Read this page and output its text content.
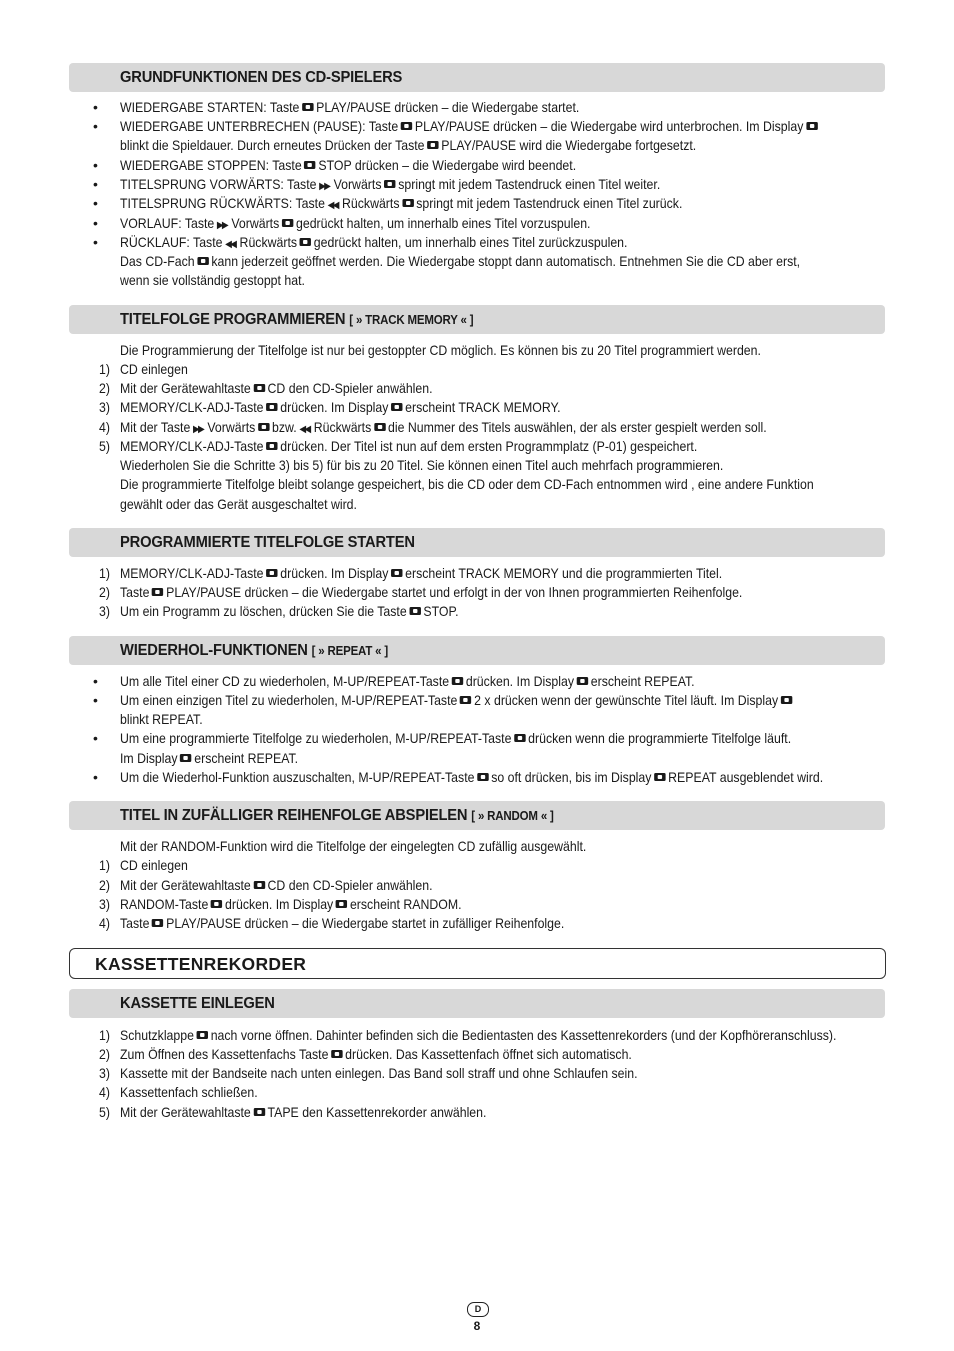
GRUNDFUNKTIONEN DES CD-SPIELERS
• WIEDERGABE STARTEN: Taste PLAY/PAUSE drücken – die Wiedergabe startet.
• WIEDERGABE UNTERBRECHEN (PAUSE): Taste PLAY/PAUSE drücken – die Wiedergabe wird unterbrochen. Im Display
blinkt die Spieldauer. Durch erneutes Drücken der Taste PLAY/PAUSE wird die Wiedergabe fortgesetzt.
• WIEDERGABE STOPPEN: Taste STOP drücken – die Wiedergabe wird beendet.
• TITELSPRUNG VORWÄRTS: Taste ▶▶ Vorwärts springt mit jedem Tastendruck einen Titel weiter.
• TITELSPRUNG RÜCKWÄRTS: Taste ◀◀ Rückwärts springt mit jedem Tastendruck einen Titel zurück.
• VORLAUF: Taste ▶▶ Vorwärts gedrückt halten, um innerhalb eines Titel vorzuspulen.
• RÜCKLAUF: Taste ◀◀ Rückwärts gedrückt halten, um innerhalb eines Titel zurückzuspulen.
Das CD-Fach kann jederzeit geöffnet werden. Die Wiedergabe stoppt dann automatisch. Entnehmen Sie die CD aber erst,
wenn sie vollständig gestoppt hat.
TITELFOLGE PROGRAMMIEREN [ » TRACK MEMORY « ]
Die Programmierung der Titelfolge ist nur bei gestoppter CD möglich. Es können bis zu 20 Titel programmiert werden.
1) CD einlegen
2) Mit der Gerätewahltaste CD den CD-Spieler anwählen.
3) MEMORY/CLK-ADJ-Taste drücken. Im Display erscheint TRACK MEMORY.
4) Mit der Taste ▶▶ Vorwärts bzw. ◀◀ Rückwärts die Nummer des Titels auswählen, der als erster gespielt werden soll.
5) MEMORY/CLK-ADJ-Taste drücken. Der Titel ist nun auf dem ersten Programmplatz (P-01) gespeichert.
Wiederholen Sie die Schritte 3) bis 5) für bis zu 20 Titel. Sie können einen Titel auch mehrfach programmieren.
Die programmierte Titelfolge bleibt solange gespeichert, bis die CD oder dem CD-Fach entnommen wird , eine andere Funktion
gewählt oder das Gerät ausgeschaltet wird.
PROGRAMMIERTE TITELFOLGE STARTEN
1) MEMORY/CLK-ADJ-Taste drücken. Im Display erscheint TRACK MEMORY und die programmierten Titel.
2) Taste PLAY/PAUSE drücken – die Wiedergabe startet und erfolgt in der von Ihnen programmierten Reihenfolge.
3) Um ein Programm zu löschen, drücken Sie die Taste STOP.
WIEDERHOL-FUNKTIONEN [ » REPEAT « ]
• Um alle Titel einer CD zu wiederholen, M-UP/REPEAT-Taste drücken. Im Display erscheint REPEAT.
• Um einen einzigen Titel zu wiederholen, M-UP/REPEAT-Taste 2 x drücken wenn der gewünschte Titel läuft. Im Display
blinkt REPEAT.
• Um eine programmierte Titelfolge zu wiederholen, M-UP/REPEAT-Taste drücken wenn die programmierte Titelfolge läuft.
Im Display erscheint REPEAT.
• Um die Wiederhol-Funktion auszuschalten, M-UP/REPEAT-Taste so oft drücken, bis im Display REPEAT ausgeblendet wird.
TITEL IN ZUFÄLLIGER REIHENFOLGE ABSPIELEN [ » RANDOM « ]
Mit der RANDOM-Funktion wird die Titelfolge der eingelegten CD zufällig ausgewählt.
1) CD einlegen
2) Mit der Gerätewahltaste CD den CD-Spieler anwählen.
3) RANDOM-Taste drücken. Im Display erscheint RANDOM.
4) Taste PLAY/PAUSE drücken – die Wiedergabe startet in zufälliger Reihenfolge.
KASSETTENREKORDER
KASSETTE EINLEGEN
1) Schutzklappe nach vorne öffnen. Dahinter befinden sich die Bedientasten des Kassettenrekorders (und der Kopfhöreranschluss).
2) Zum Öffnen des Kassettenfachs Taste drücken. Das Kassettenfach öffnet sich automatisch.
3) Kassette mit der Bandseite nach unten einlegen. Das Band soll straff und ohne Schlaufen sein.
4) Kassettenfach schließen.
5) Mit der Gerätewahltaste TAPE den Kassettenrekorder anwählen.
D
8
